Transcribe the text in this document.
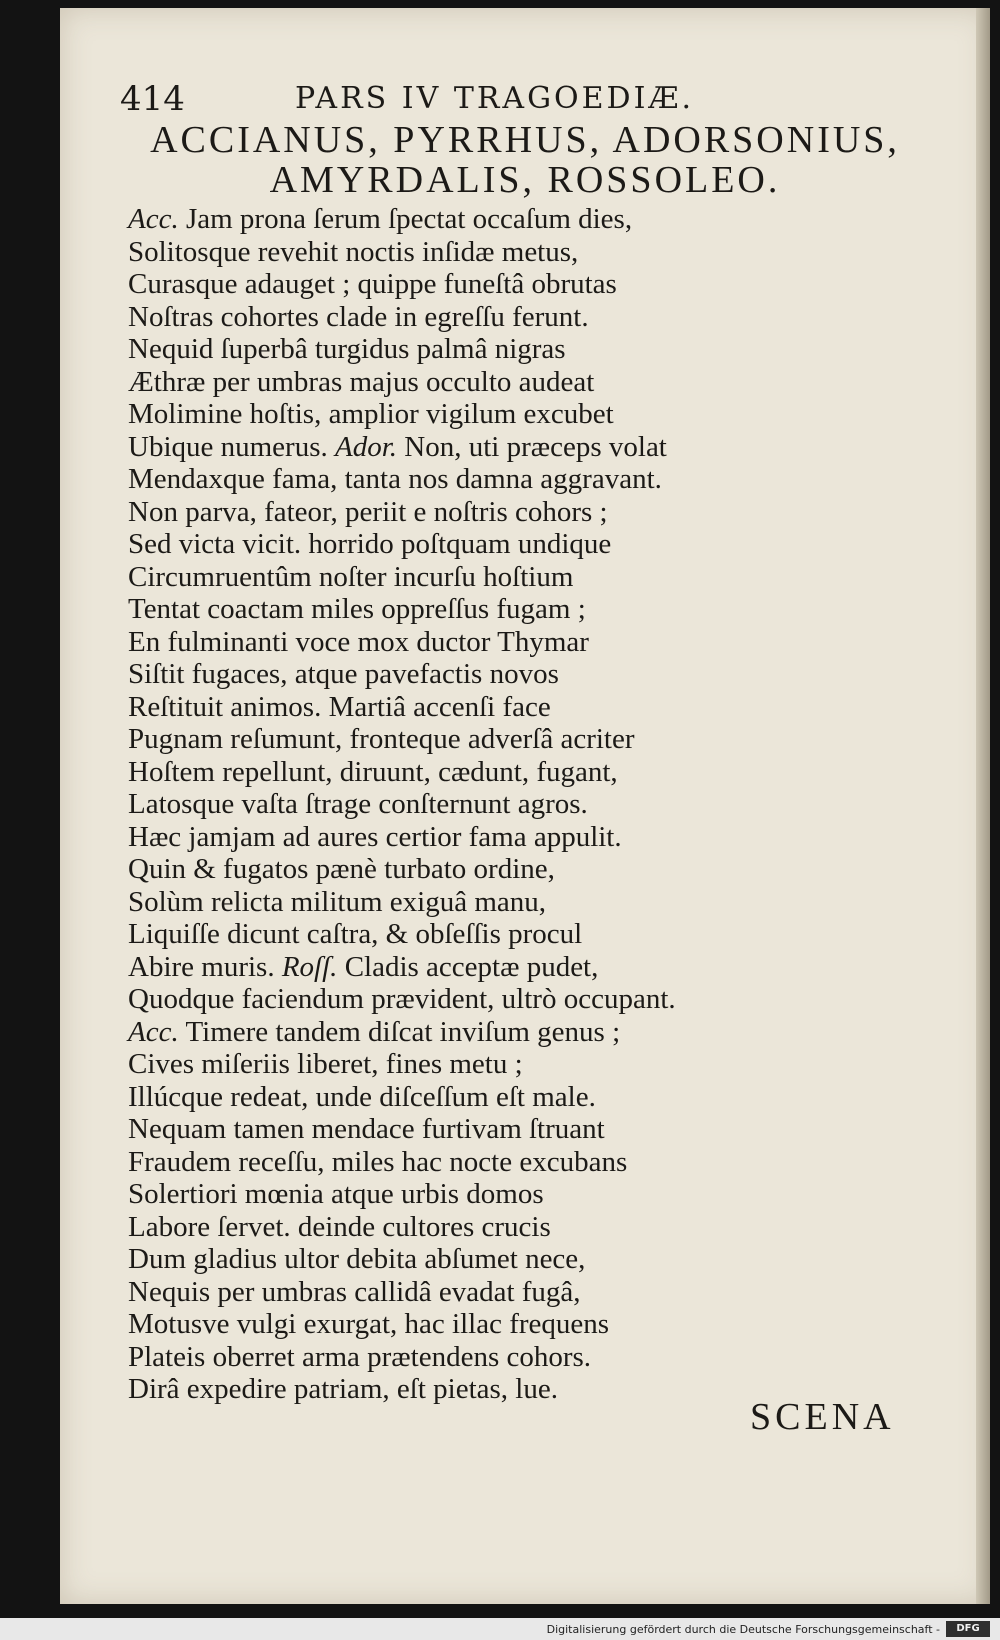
414	PARS IV TRAGOEDIÆ.
ACCIANUS, PYRRHUS, ADORSONIUS,
AMYRDALIS, ROSSOLEO.
Acc. Jam prona ſerum ſpectat occaſum dies,
Solitosque revehit noctis inſidæ metus,
Curasque adauget ; quippe funeſtâ obrutas
Noſtras cohortes clade in egreſſu ferunt.
Nequid ſuperbâ turgidus palmâ nigras
Æthræ per umbras majus occulto audeat
Molimine hoſtis, amplior vigilum excubet
Ubique numerus. Ador. Non, uti præceps volat
Mendaxque fama, tanta nos damna aggravant.
Non parva, fateor, periit e noſtris cohors ;
Sed victa vicit. horrido poſtquam undique
Circumruentûm noſter incurſu hoſtium
Tentat coactam miles oppreſſus fugam ;
En fulminanti voce mox ductor Thymar
Siſtit fugaces, atque pavefactis novos
Reſtituit animos. Martiâ accenſi face
Pugnam reſumunt, fronteque adverſâ acriter
Hoſtem repellunt, diruunt, cædunt, fugant,
Latosque vaſta ſtrage conſternunt agros.
Hæc jamjam ad aures certior fama appulit.
Quin & fugatos pænè turbato ordine,
Solùm relicta militum exiguâ manu,
Liquiſſe dicunt caſtra, & obſeſſis procul
Abire muris. Roſſ. Cladis acceptæ pudet,
Quodque faciendum prævident, ultrò occupant.
Acc. Timere tandem diſcat inviſum genus ;
Cives miſeriis liberet, fines metu ;
Illúcque redeat, unde diſceſſum eſt male.
Nequam tamen mendace furtivam ſtruant
Fraudem receſſu, miles hac nocte excubans
Solertiori mœnia atque urbis domos
Labore ſervet. deinde cultores crucis
Dum gladius ultor debita abſumet nece,
Nequis per umbras callidâ evadat fugâ,
Motusve vulgi exurgat, hac illac frequens
Plateis oberret arma prætendens cohors.
Dirâ expedire patriam, eſt pietas, lue.
SCENA
Digitalisierung gefördert durch die Deutsche Forschungsgemeinschaft -	DFG
